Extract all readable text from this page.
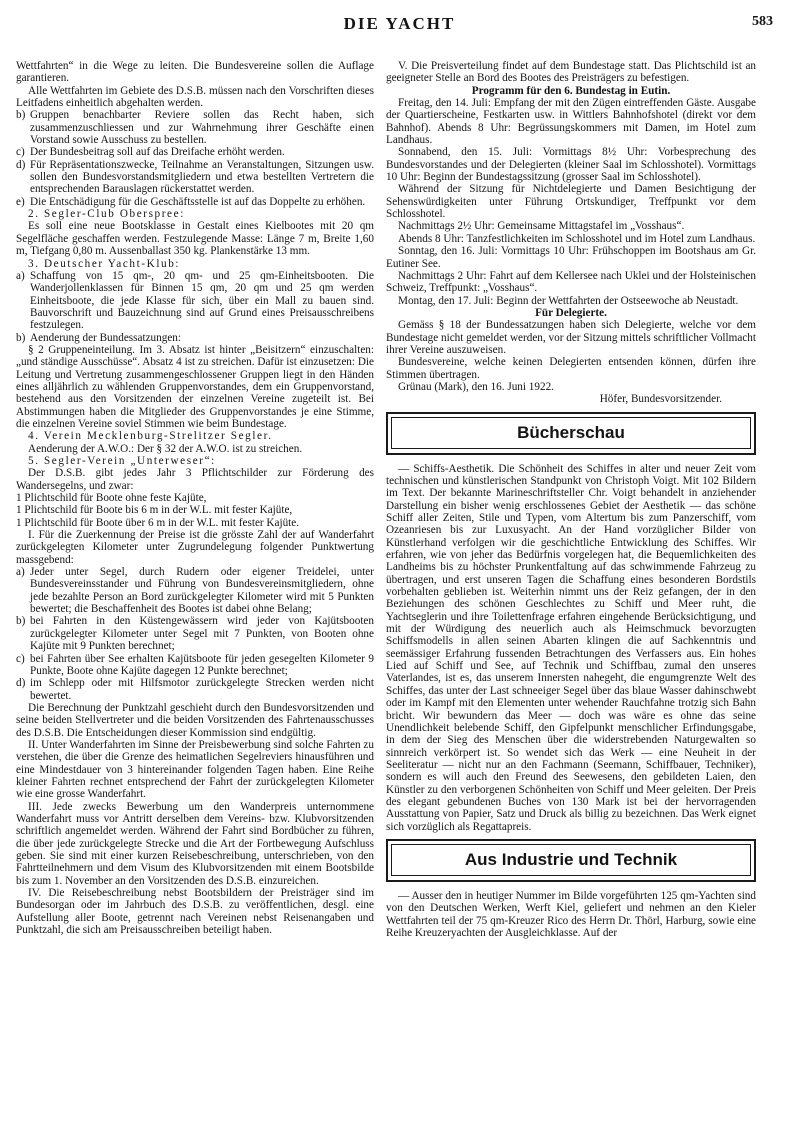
DIE YACHT	583

Wettfahrten“ in die Wege zu leiten. Die Bundesvereine sollen die Auflage garantieren.

Alle Wettfahrten im Gebiete des D.S.B. müssen nach den Vorschriften dieses Leitfadens einheitlich abgehalten werden.

b) Gruppen benachbarter Reviere sollen das Recht haben, sich zusammenzuschliessen und zur Wahrnehmung ihrer Geschäfte einen Vorstand sowie Ausschuss zu bestellen.

c) Der Bundesbeitrag soll auf das Dreifache erhöht werden.

d) Für Repräsentationszwecke, Teilnahme an Veranstaltungen, Sitzungen usw. sollen den Bundesvorstandsmitgliedern und etwa bestellten Vertretern die entsprechenden Barauslagen rückerstattet werden.

e) Die Entschädigung für die Geschäftsstelle ist auf das Doppelte zu erhöhen.

2. Segler-Club Oberspree:

Es soll eine neue Bootsklasse in Gestalt eines Kielbootes mit 20 qm Segelfläche geschaffen werden. Festzulegende Masse: Länge 7 m, Breite 1,60 m, Tiefgang 0,80 m. Aussenballast 350 kg. Plankenstärke 13 mm.

3. Deutscher Yacht-Klub:

a) Schaffung von 15 qm-, 20 qm- und 25 qm-Einheitsbooten. Die Wanderjollenklassen für Binnen 15 qm, 20 qm und 25 qm werden Einheitsboote, die jede Klasse für sich, über ein Mall zu bauen sind. Bauvorschrift und Bauzeichnung sind auf Grund eines Preisausschreibens festzulegen.

b) Aenderung der Bundessatzungen:

§ 2 Gruppeneinteilung. Im 3. Absatz ist hinter „Beisitzern“ einzuschalten: „und ständige Ausschüsse“. Absatz 4 ist zu streichen. Dafür ist einzusetzen: Die Leitung und Vertretung zusammengeschlossener Gruppen liegt in den Händen eines alljährlich zu wählenden Gruppenvorstandes, dem ein Gruppenvorstand, bestehend aus den Vorsitzenden der einzelnen Vereine zugeteilt ist. Bei Abstimmungen haben die Mitglieder des Gruppenvorstandes je eine Stimme, die einzelnen Vereine soviel Stimmen wie beim Bundestage.

4. Verein Mecklenburg-Strelitzer Segler.

Aenderung der A.W.O.: Der § 32 der A.W.O. ist zu streichen.

5. Segler-Verein „Unterweser“:

Der D.S.B. gibt jedes Jahr 3 Pflichtschilder zur Förderung des Wandersegelns, und zwar:

1 Plichtschild für Boote ohne feste Kajüte,

1 Plichtschild für Boote bis 6 m in der W.L. mit fester Kajüte,

1 Plichtschild für Boote über 6 m in der W.L. mit fester Kajüte.

I. Für die Zuerkennung der Preise ist die grösste Zahl der auf Wanderfahrt zurückgelegten Kilometer unter Zugrundelegung folgender Punktwertung massgebend:

a) Jeder unter Segel, durch Rudern oder eigener Treidelei, unter Bundesvereinsstander und Führung von Bundesvereinsmitgliedern, ohne jede bezahlte Person an Bord zurückgelegter Kilometer wird mit 5 Punkten bewertet; die Beschaffenheit des Bootes ist dabei ohne Belang;

b) bei Fahrten in den Küstengewässern wird jeder von Kajütsbooten zurückgelegter Kilometer unter Segel mit 7 Punkten, von Booten ohne Kajüte mit 9 Punkten berechnet;

c) bei Fahrten über See erhalten Kajütsboote für jeden gesegelten Kilometer 9 Punkte, Boote ohne Kajüte dagegen 12 Punkte berechnet;

d) im Schlepp oder mit Hilfsmotor zurückgelegte Strecken werden nicht bewertet.

Die Berechnung der Punktzahl geschieht durch den Bundesvorsitzenden und seine beiden Stellvertreter und die beiden Vorsitzenden des Fahrtenausschusses des D.S.B. Die Entscheidungen dieser Kommission sind endgültig.

II. Unter Wanderfahrten im Sinne der Preisbewerbung sind solche Fahrten zu verstehen, die über die Grenze des heimatlichen Segelreviers hinausführen und eine Mindestdauer von 3 hintereinander folgenden Tagen haben. Eine Reihe kleiner Fahrten rechnet entsprechend der Fahrt der zurückgelegten Kilometer wie eine grosse Wanderfahrt.

III. Jede zwecks Bewerbung um den Wanderpreis unternommene Wanderfahrt muss vor Antritt derselben dem Vereins- bzw. Klubvorsitzenden schriftlich angemeldet werden. Während der Fahrt sind Bordbücher zu führen, die über jede zurückgelegte Strecke und die Art der Fortbewegung Aufschluss geben. Sie sind mit einer kurzen Reisebeschreibung, unterschrieben, von den Fahrtteilnehmern und dem Visum des Klubvorsitzenden mit einem Bootsbilde bis zum 1. November an den Vorsitzenden des D.S.B. einzureichen.

IV. Die Reisebeschreibung nebst Bootsbildern der Preisträger sind im Bundesorgan oder im Jahrbuch des D.S.B. zu veröffentlichen, desgl. eine Aufstellung aller Boote, getrennt nach Vereinen nebst Reisenangaben und Punktzahl, die sich am Preisausschreiben beteiligt haben.

V. Die Preisverteilung findet auf dem Bundestage statt. Das Plichtschild ist an geeigneter Stelle an Bord des Bootes des Preisträgers zu befestigen.

Programm für den 6. Bundestag in Eutin.

Freitag, den 14. Juli: Empfang der mit den Zügen eintreffenden Gäste. Ausgabe der Quartierscheine, Festkarten usw. in Wittlers Bahnhofshotel (direkt vor dem Bahnhof). Abends 8 Uhr: Begrüssungskommers mit Damen, im Hotel zum Landhaus.

Sonnabend, den 15. Juli: Vormittags 8½ Uhr: Vorbesprechung des Bundesvorstandes und der Delegierten (kleiner Saal im Schlosshotel). Vormittags 10 Uhr: Beginn der Bundestagssitzung (grosser Saal im Schlosshotel).

Während der Sitzung für Nichtdelegierte und Damen Besichtigung der Sehenswürdigkeiten unter Führung Ortskundiger, Treffpunkt vor dem Schlosshotel.

Nachmittags 2½ Uhr: Gemeinsame Mittagstafel im „Vosshaus“.

Abends 8 Uhr: Tanzfestlichkeiten im Schlosshotel und im Hotel zum Landhaus.

Sonntag, den 16. Juli: Vormittags 10 Uhr: Frühschoppen im Bootshaus am Gr. Eutiner See.

Nachmittags 2 Uhr: Fahrt auf dem Kellersee nach Uklei und der Holsteinischen Schweiz, Treffpunkt: „Vosshaus“.

Montag, den 17. Juli: Beginn der Wettfahrten der Ostseewoche ab Neustadt.

Für Delegierte.

Gemäss § 18 der Bundessatzungen haben sich Delegierte, welche vor dem Bundestage nicht gemeldet werden, vor der Sitzung mittels schriftlicher Vollmacht ihrer Vereine auszuweisen.

Bundesvereine, welche keinen Delegierten entsenden können, dürfen ihre Stimmen übertragen.

Grünau (Mark), den 16. Juni 1922.

Höfer, Bundesvorsitzender.

Bücherschau

— Schiffs-Aesthetik. Die Schönheit des Schiffes in alter und neuer Zeit vom technischen und künstlerischen Standpunkt von Christoph Voigt. Mit 102 Bildern im Text. Der bekannte Marineschriftsteller Chr. Voigt behandelt in anziehender Darstellung ein bisher wenig erschlossenes Gebiet der Aesthetik — das schöne Schiff aller Zeiten, Stile und Typen, vom Altertum bis zum Panzerschiff, vom Ozeanriesen bis zur Luxusyacht. An der Hand vorzüglicher Bilder von Künstlerhand verfolgen wir die geschichtliche Entwicklung des Schiffes. Wir erfahren, wie von jeher das Bedürfnis vorgelegen hat, die Bequemlichkeiten des Landheims bis zu höchster Prunkentfaltung auf das schwimmende Fahrzeug zu übertragen, und erst unseren Tagen die Schaffung eines besonderen Bordstils vorbehalten geblieben ist. Weiterhin nimmt uns der Reiz gefangen, der in den Beziehungen des schönen Geschlechtes zu Schiff und Meer ruht, die Yachtseglerin und ihre Toilettenfrage erfahren eingehende Berücksichtigung, und mit der Würdigung des neuerlich auch als Heimschmuck bevorzugten Schiffsmodells in allen seinen Abarten klingen die auf Sachkenntnis und seemässiger Erfahrung fussenden Betrachtungen des Verfassers aus. Ein hohes Lied auf Schiff und See, auf Technik und Schiffbau, zumal den unseres Vaterlandes, ist es, das unserem Innersten nahegeht, die engumgrenzte Welt des Schiffes, das unter der Last schneeiger Segel über das blaue Wasser dahinschwebt oder im Kampf mit den Elementen unter wehender Rauchfahne trotzig sich Bahn bricht. Wir bewundern das Meer — doch was wäre es ohne das seine Unendlichkeit belebende Schiff, den Gipfelpunkt menschlicher Erfindungsgabe, in dem der Sieg des Menschen über die widerstrebenden Naturgewalten so sinnreich verkörpert ist. So wendet sich das Werk — eine Neuheit in der Seeliteratur — nicht nur an den Fachmann (Seemann, Schiffbauer, Techniker), sondern es will auch den Freund des Seewesens, den gebildeten Laien, den Künstler zu den verborgenen Schönheiten von Schiff und Meer geleiten. Der Preis des elegant gebundenen Buches von 130 Mark ist bei der hervorragenden Ausstattung von Papier, Satz und Druck als billig zu bezeichnen. Das Werk eignet sich vorzüglich als Regattapreis.

Aus Industrie und Technik

— Ausser den in heutiger Nummer im Bilde vorgeführten 125 qm-Yachten sind von den Deutschen Werken, Werft Kiel, geliefert und nehmen an den Kieler Wettfahrten teil der 75 qm-Kreuzer Rico des Herrn Dr. Thörl, Harburg, sowie eine Reihe Kreuzeryachten der Ausgleichklasse. Auf der
